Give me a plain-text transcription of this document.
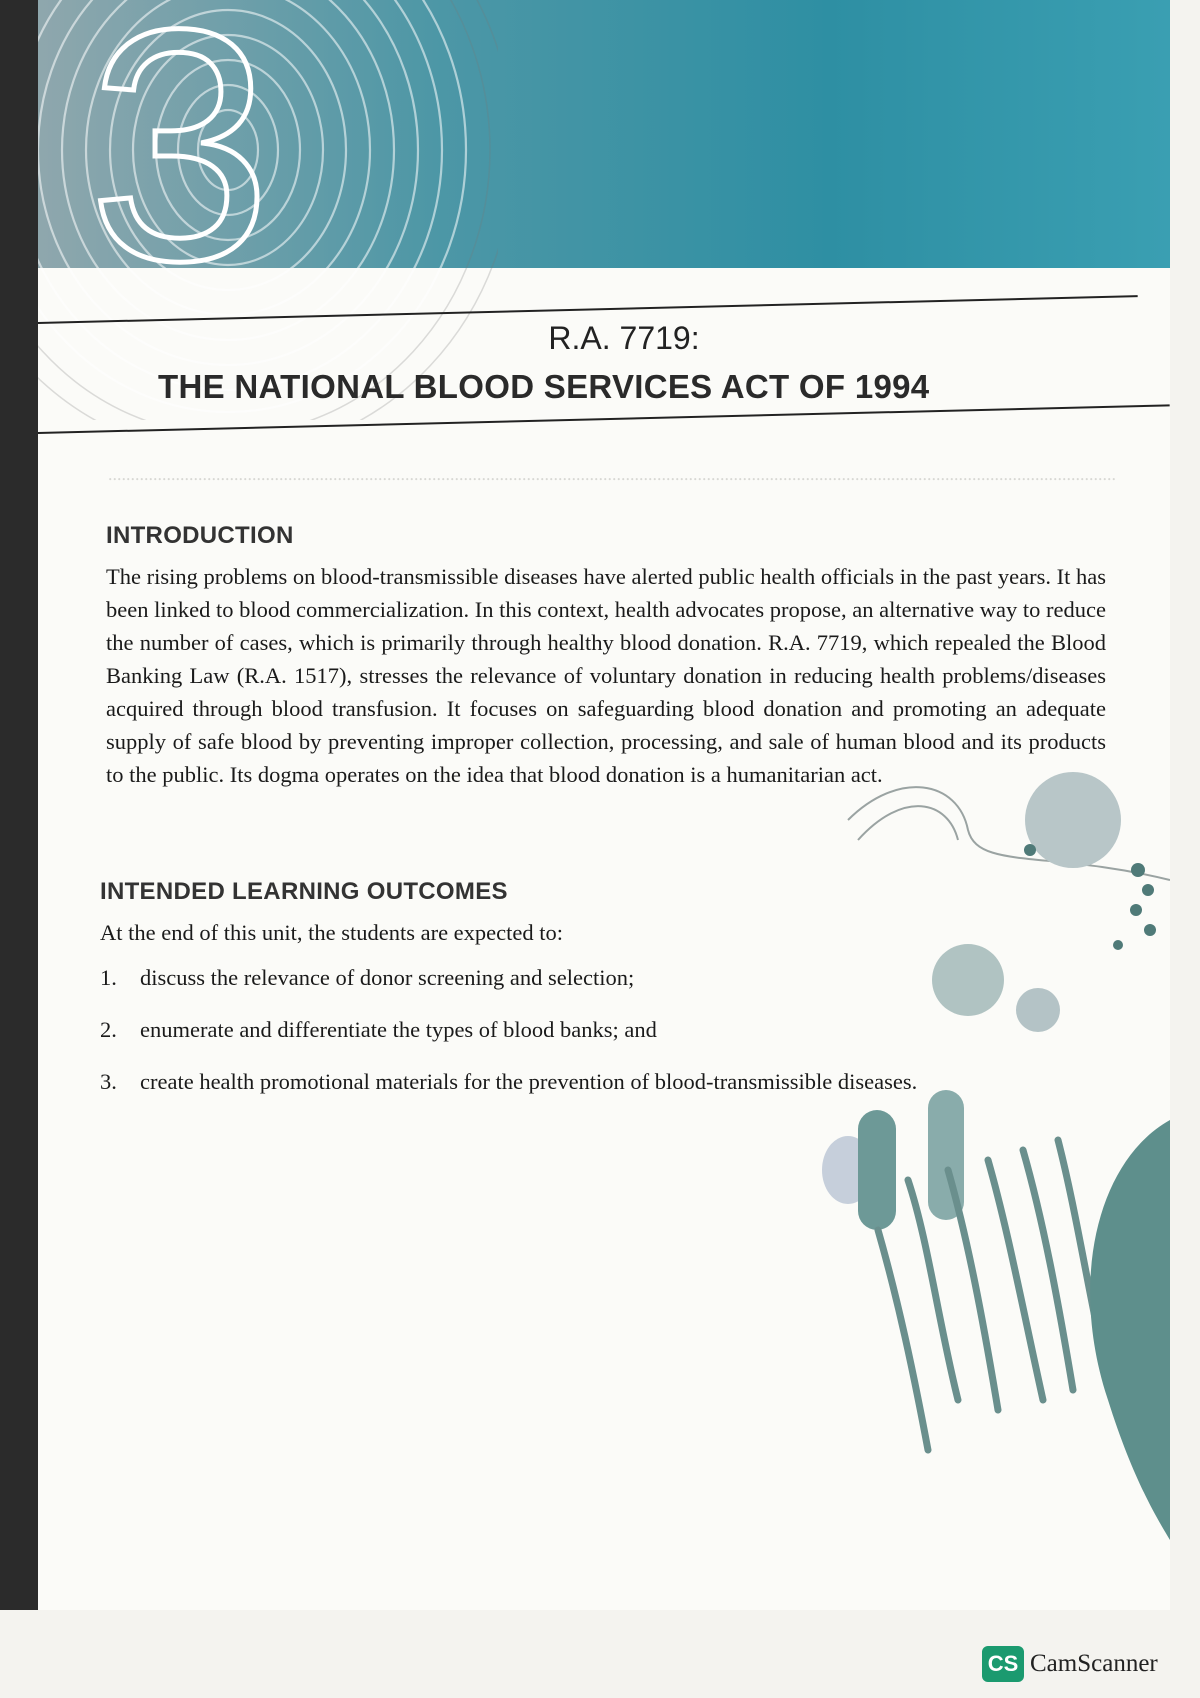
3
R.A. 7719:
THE NATIONAL BLOOD SERVICES ACT OF 1994
................................................................................................................................................................................................................................
INTRODUCTION
The rising problems on blood-transmissible diseases have alerted public health officials in the past years. It has been linked to blood commercialization. In this context, health advocates propose, an alternative way to reduce the number of cases, which is primarily through healthy blood donation. R.A. 7719, which repealed the Blood Banking Law (R.A. 1517), stresses the relevance of voluntary donation in reducing health problems/diseases acquired through blood transfusion. It focuses on safeguarding blood donation and promoting an adequate supply of safe blood by preventing improper collection, processing, and sale of human blood and its products to the public. Its dogma operates on the idea that blood donation is a humanitarian act.
INTENDED LEARNING OUTCOMES
At the end of this unit, the students are expected to:
1. discuss the relevance of donor screening and selection;
2. enumerate and differentiate the types of blood banks; and
3. create health promotional materials for the prevention of blood-transmissible diseases.
CS CamScanner
